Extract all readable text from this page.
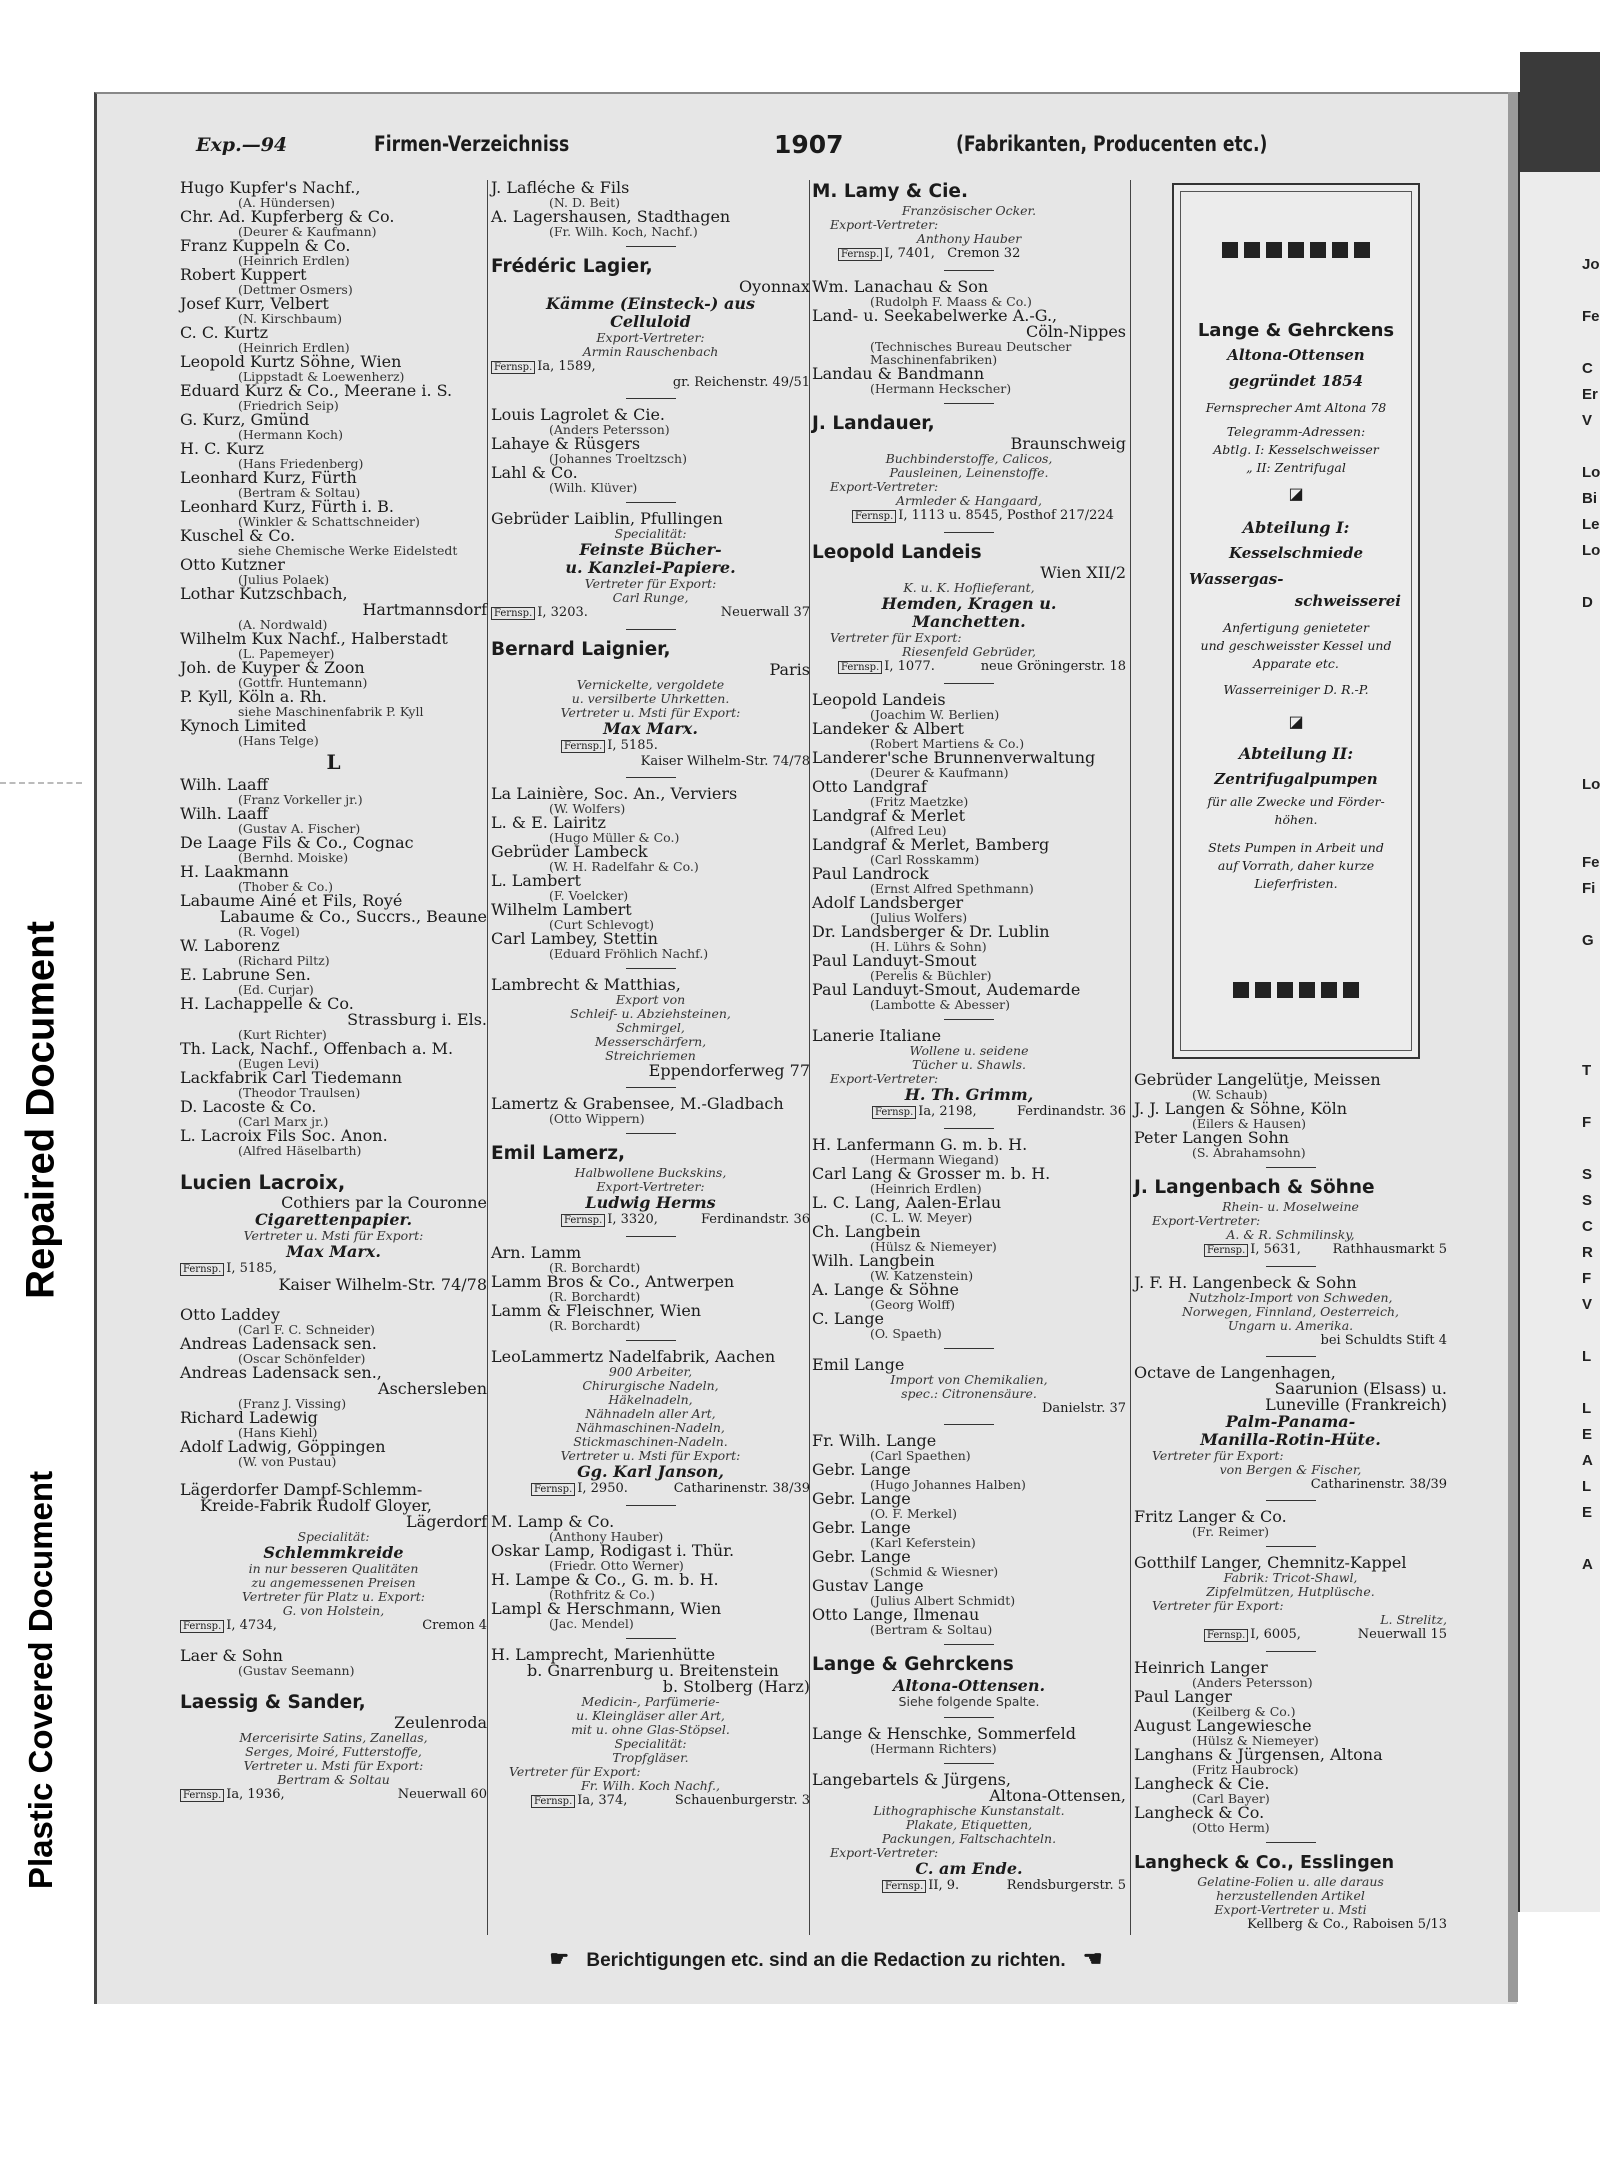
Repaired Document
Plastic Covered Document
Jo

Fe

C
Er
V

Lo
Bi
Le
Lo

D

Lo

Fe
Fi

G

T

F

S
S
C
R
F
V

L

L
E
A
L
E

A
Exp.—94	Firmen-Verzeichniss	1907	(Fabrikanten, Producenten etc.)
Hugo Kupfer's Nachf.,
(A. Hündersen)
Chr. Ad. Kupferberg & Co.
(Deurer & Kaufmann)
Franz Kuppeln & Co.
(Heinrich Erdlen)
Robert Kuppert
(Dettmer Osmers)
Josef Kurr, Velbert
(N. Kirschbaum)
C. C. Kurtz
(Heinrich Erdlen)
Leopold Kurtz Söhne, Wien
(Lippstadt & Loewenherz)
Eduard Kurz & Co., Meerane i. S.
(Friedrich Seip)
G. Kurz, Gmünd
(Hermann Koch)
H. C. Kurz
(Hans Friedenberg)
Leonhard Kurz, Fürth
(Bertram & Soltau)
Leonhard Kurz, Fürth i. B.
(Winkler & Schattschneider)
Kuschel & Co.
siehe Chemische Werke Eidelstedt
Otto Kutzner
(Julius Polaek)
Lothar Kutzschbach,
Hartmannsdorf
(A. Nordwald)
Wilhelm Kux Nachf., Halberstadt
(L. Papemeyer)
Joh. de Kuyper & Zoon
(Gottfr. Huntemann)
P. Kyll, Köln a. Rh.
siehe Maschinenfabrik P. Kyll
Kynoch Limited
(Hans Telge)
L
Wilh. Laaff
(Franz Vorkeller jr.)
Wilh. Laaff
(Gustav A. Fischer)
De Laage Fils & Co., Cognac
(Bernhd. Moiske)
H. Laakmann
(Thober & Co.)
Labaume Ainé et Fils, Royé
Labaume & Co., Succrs., Beaune
(R. Vogel)
W. Laborenz
(Richard Piltz)
E. Labrune Sen.
(Ed. Curjar)
H. Lachappelle & Co.
Strassburg i. Els.
(Kurt Richter)
Th. Lack, Nachf., Offenbach a. M.
(Eugen Levi)
Lackfabrik Carl Tiedemann
(Theodor Traulsen)
D. Lacoste & Co.
(Carl Marx jr.)
L. Lacroix Fils Soc. Anon.
(Alfred Häselbarth)
Lucien Lacroix,
Cothiers par la Couronne
Cigarettenpapier.
Vertreter u. Msti für Export:
Max Marx.
Fernsp. I, 5185,
Kaiser Wilhelm-Str. 74/78
Otto Laddey
(Carl F. C. Schneider)
Andreas Ladensack sen.
(Oscar Schönfelder)
Andreas Ladensack sen.,
Aschersleben
(Franz J. Vissing)
Richard Ladewig
(Hans Kiehl)
Adolf Ladwig, Göppingen
(W. von Pustau)
Lägerdorfer Dampf-Schlemm-
Kreide-Fabrik Rudolf Gloyer,
Lägerdorf
Specialität:
Schlemmkreide
in nur besseren Qualitäten
zu angemessenen Preisen
Vertreter für Platz u. Export:
G. von Holstein,
Fernsp. I, 4734,	Cremon 4
Laer & Sohn
(Gustav Seemann)
Laessig & Sander,
Zeulenroda
Mercerisirte Satins, Zanellas,
Serges, Moiré, Futterstoffe,
Vertreter u. Msti für Export:
Bertram & Soltau
Fernsp. Ia, 1936,	Neuerwall 60
J. Lafléche & Fils
(N. D. Beit)
A. Lagershausen, Stadthagen
(Fr. Wilh. Koch, Nachf.)
Frédéric Lagier,
Oyonnax
Kämme (Einsteck-) aus
Celluloid
Export-Vertreter:
Armin Rauschenbach
Fernsp. Ia, 1589,
gr. Reichenstr. 49/51
Louis Lagrolet & Cie.
(Anders Petersson)
Lahaye & Rüsgers
(Johannes Troeltzsch)
Lahl & Co.
(Wilh. Klüver)
Gebrüder Laiblin, Pfullingen
Specialität:
Feinste Bücher-
u. Kanzlei-Papiere.
Vertreter für Export:
Carl Runge,
Fernsp. I, 3203.	Neuerwall 37
Bernard Laignier,
Paris
Vernickelte, vergoldete
u. versilberte Uhrketten.
Vertreter u. Msti für Export:
Max Marx.
Fernsp. I, 5185.
Kaiser Wilhelm-Str. 74/78
La Lainière, Soc. An., Verviers
(W. Wolfers)
L. & E. Lairitz
(Hugo Müller & Co.)
Gebrüder Lambeck
(W. H. Radelfahr & Co.)
L. Lambert
(F. Voelcker)
Wilhelm Lambert
(Curt Schlevogt)
Carl Lambey, Stettin
(Eduard Fröhlich Nachf.)
Lambrecht & Matthias,
Export von
Schleif- u. Abziehsteinen,
Schmirgel,
Messerschärfern,
Streichriemen
Eppendorferweg 77
Lamertz & Grabensee, M.-Gladbach
(Otto Wippern)
Emil Lamerz,
Halbwollene Buckskins,
Export-Vertreter:
Ludwig Herms
Fernsp. I, 3320,	Ferdinandstr. 36
Arn. Lamm
(R. Borchardt)
Lamm Bros & Co., Antwerpen
(R. Borchardt)
Lamm & Fleischner, Wien
(R. Borchardt)
LeoLammertz Nadelfabrik, Aachen
900 Arbeiter,
Chirurgische Nadeln,
Häkelnadeln,
Nähnadeln aller Art,
Nähmaschinen-Nadeln,
Stickmaschinen-Nadeln.
Vertreter u. Msti für Export:
Gg. Karl Janson,
Fernsp. I, 2950.	Catharinenstr. 38/39
M. Lamp & Co.
(Anthony Hauber)
Oskar Lamp, Rodigast i. Thür.
(Friedr. Otto Werner)
H. Lampe & Co., G. m. b. H.
(Rothfritz & Co.)
Lampl & Herschmann, Wien
(Jac. Mendel)
H. Lamprecht, Marienhütte
b. Gnarrenburg u. Breitenstein
b. Stolberg (Harz)
Medicin-, Parfümerie-
u. Kleingläser aller Art,
mit u. ohne Glas-Stöpsel.
Specialität:
Tropfgläser.
Vertreter für Export:
Fr. Wilh. Koch Nachf.,
Fernsp. Ia, 374,	Schauenburgerstr. 3
M. Lamy & Cie.
Französischer Ocker.
Export-Vertreter:
Anthony Hauber
Fernsp. I, 7401, Cremon 32
Wm. Lanachau & Son
(Rudolph F. Maass & Co.)
Land- u. Seekabelwerke A.-G.,
Cöln-Nippes
(Technisches Bureau Deutscher Maschinenfabriken)
Landau & Bandmann
(Hermann Heckscher)
J. Landauer,
Braunschweig
Buchbinderstoffe, Calicos,
Pausleinen, Leinenstoffe.
Export-Vertreter:
Armleder & Hangaard,
Fernsp. I, 1113 u. 8545, Posthof 217/224
Leopold Landeis
Wien XII/2
K. u. K. Hoflieferant,
Hemden, Kragen u.
Manchetten.
Vertreter für Export:
Riesenfeld Gebrüder,
Fernsp. I, 1077.	neue Gröningerstr. 18
Leopold Landeis
(Joachim W. Berlien)
Landeker & Albert
(Robert Martiens & Co.)
Landerer'sche Brunnenverwaltung
(Deurer & Kaufmann)
Otto Landgraf
(Fritz Maetzke)
Landgraf & Merlet
(Alfred Leu)
Landgraf & Merlet, Bamberg
(Carl Rosskamm)
Paul Landrock
(Ernst Alfred Spethmann)
Adolf Landsberger
(Julius Wolfers)
Dr. Landsberger & Dr. Lublin
(H. Lührs & Sohn)
Paul Landuyt-Smout
(Perelis & Büchler)
Paul Landuyt-Smout, Audemarde
(Lambotte & Abesser)
Lanerie Italiane
Wollene u. seidene
Tücher u. Shawls.
Export-Vertreter:
H. Th. Grimm,
Fernsp. Ia, 2198,	Ferdinandstr. 36
H. Lanfermann G. m. b. H.
(Hermann Wiegand)
Carl Lang & Grosser m. b. H.
(Heinrich Erdlen)
L. C. Lang, Aalen-Erlau
(C. L. W. Meyer)
Ch. Langbein
(Hülsz & Niemeyer)
Wilh. Langbein
(W. Katzenstein)
A. Lange & Söhne
(Georg Wolff)
C. Lange
(O. Spaeth)
Emil Lange
Import von Chemikalien,
spec.: Citronensäure.
Danielstr. 37
Fr. Wilh. Lange
(Carl Spaethen)
Gebr. Lange
(Hugo Johannes Halben)
Gebr. Lange
(O. F. Merkel)
Gebr. Lange
(Karl Keferstein)
Gebr. Lange
(Schmid & Wiesner)
Gustav Lange
(Julius Albert Schmidt)
Otto Lange, Ilmenau
(Bertram & Soltau)
Lange & Gehrckens
Altona-Ottensen.
Siehe folgende Spalte.
Lange & Henschke, Sommerfeld
(Hermann Richters)
Langebartels & Jürgens,
Altona-Ottensen,
Lithographische Kunstanstalt.
Plakate, Etiquetten,
Packungen, Faltschachteln.
Export-Vertreter:
C. am Ende.
Fernsp. II, 9.	Rendsburgerstr. 5
Lange & Gehrckens
Altona-Ottensen
gegründet 1854
Fernsprecher Amt Altona 78
Telegramm-Adressen:
Abtlg. I: Kesselschweisser
„ II: Zentrifugal
◪
Abteilung I:
Kesselschmiede
Wassergas-
schweisserei
Anfertigung genieteter
und geschweisster Kessel und
Apparate etc.
Wasserreiniger D. R.-P.
◪
Abteilung II:
Zentrifugalpumpen
für alle Zwecke und Förder-
höhen.
Stets Pumpen in Arbeit und
auf Vorrath, daher kurze
Lieferfristen.
Gebrüder Langelütje, Meissen
(W. Schaub)
J. J. Langen & Söhne, Köln
(Eilers & Hausen)
Peter Langen Sohn
(S. Abrahamsohn)
J. Langenbach & Söhne
Rhein- u. Moselweine
Export-Vertreter:
A. & R. Schmilinsky,
Fernsp. I, 5631, Rathhausmarkt 5
J. F. H. Langenbeck & Sohn
Nutzholz-Import von Schweden,
Norwegen, Finnland, Oesterreich,
Ungarn u. Amerika.
bei Schuldts Stift 4
Octave de Langenhagen,
Saarunion (Elsass) u.
Luneville (Frankreich)
Palm-Panama-
Manilla-Rotin-Hüte.
Vertreter für Export:
von Bergen & Fischer,
Catharinenstr. 38/39
Fritz Langer & Co.
(Fr. Reimer)
Gotthilf Langer, Chemnitz-Kappel
Fabrik: Tricot-Shawl,
Zipfelmützen, Hutplüsche.
Vertreter für Export:
L. Strelitz,
Fernsp. I, 6005,	Neuerwall 15
Heinrich Langer
(Anders Petersson)
Paul Langer
(Keilberg & Co.)
August Langewiesche
(Hülsz & Niemeyer)
Langhans & Jürgensen, Altona
(Fritz Haubrock)
Langheck & Cie.
(Carl Bayer)
Langheck & Co.
(Otto Herm)
Langheck & Co., Esslingen
Gelatine-Folien u. alle daraus
herzustellenden Artikel
Export-Vertreter u. Msti
Kellberg & Co., Raboisen 5/13
☛ Berichtigungen etc. sind an die Redaction zu richten. ☚
